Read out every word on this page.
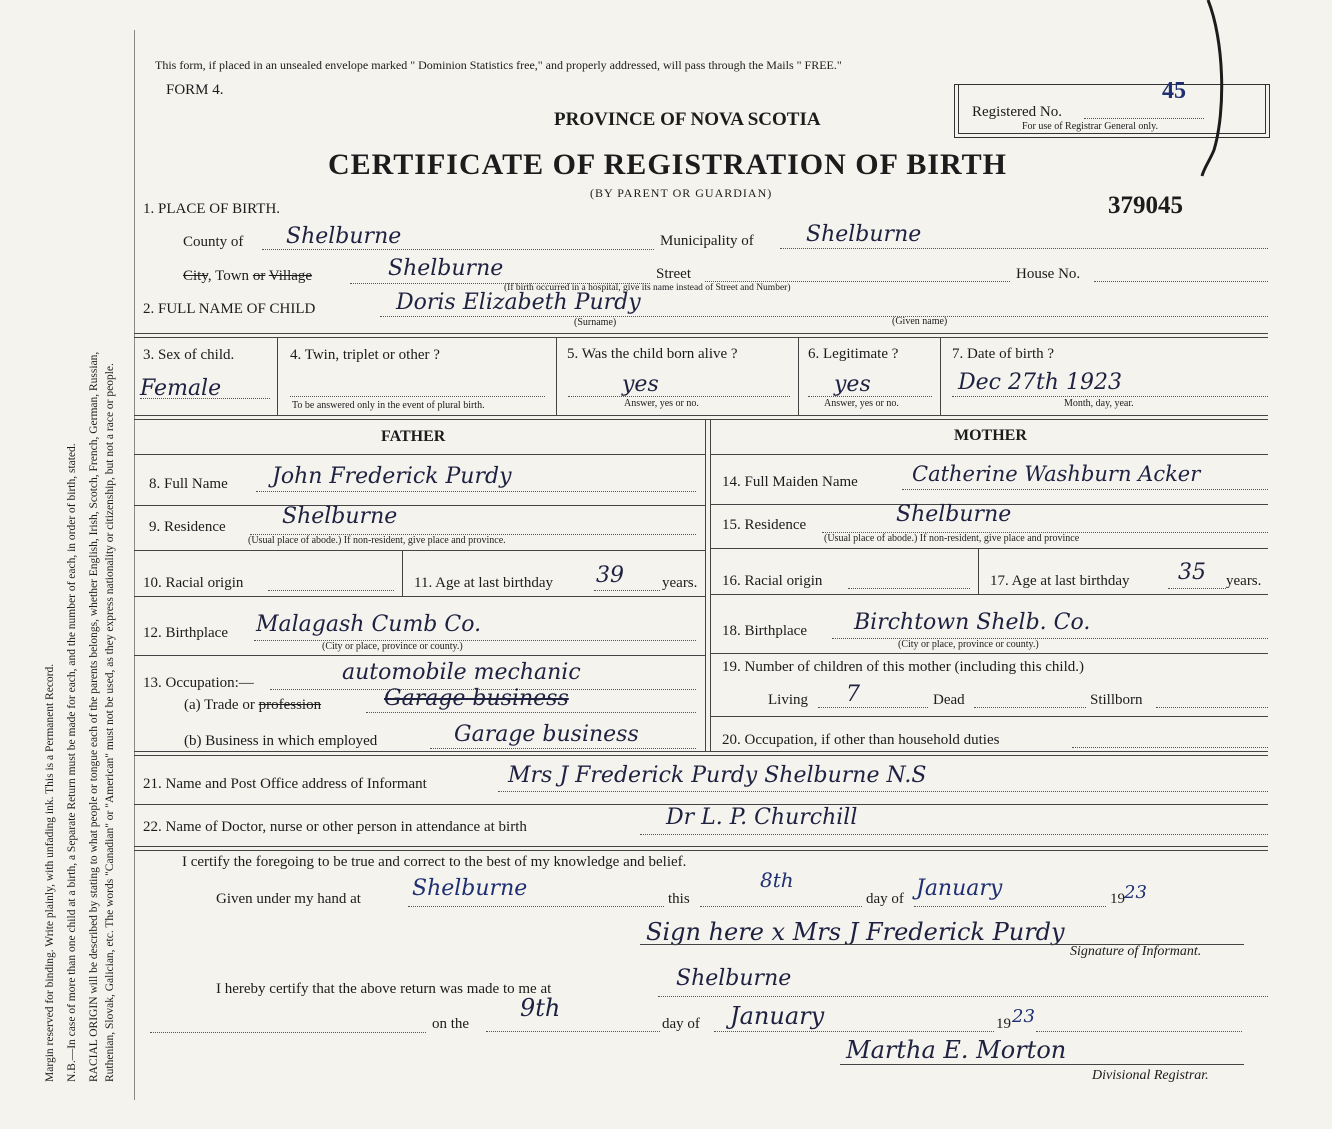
Margin reserved for binding. Write plainly, with unfading ink. This is a Permanent Record. N.B.—In case of more than one child at a birth, a Separate Return must be made for each, and the number of each, in order of birth, stated. RACIAL ORIGIN will be described by stating to what people or tongue each of the parents belongs, whether English, Irish, Scotch, French, German, Russian, Ruthenian, Slovak, Galician, etc. The words "Canadian" or "American" must not be used, as they express nationality or citizenship, but not a race or people.
This form, if placed in an unsealed envelope marked " Dominion Statistics free," and properly addressed, will pass through the Mails " FREE."
FORM 4.
Registered No.
45
For use of Registrar General only.
PROVINCE OF NOVA SCOTIA
CERTIFICATE OF REGISTRATION OF BIRTH
(BY PARENT OR GUARDIAN)	379045
1. PLACE OF BIRTH.
County of Shelburne	Municipality of Shelburne
City, Town or Village	Shelburne	Street	House No.
(If birth occurred in a hospital, give its name instead of Street and Number)
2. FULL NAME OF CHILD	Doris Elizabeth Purdy
(Surname)	(Given name)
3. Sex of child.
Female
4. Twin, triplet or other ?
To be answered only in the event of plural birth.
5. Was the child born alive ?
yes
Answer, yes or no.
6. Legitimate ?
yes
Answer, yes or no.
7. Date of birth ?
Dec 27th 1923
Month, day, year.
FATHER	MOTHER
8. Full Name John Frederick Purdy
9. Residence	Shelburne
(Usual place of abode.) If non-resident, give place and province.
10. Racial origin	11. Age at last birthday 39	years.
12. Birthplace Malagash Cumb Co.
(City or place, province or county.)
13. Occupation:—	automobile mechanic
(a) Trade or profession	Garage business
(b) Business in which employed	Garage business
14. Full Maiden Name	Catherine Washburn Acker
15. Residence	Shelburne
(Usual place of abode.) If non-resident, give place and province
16. Racial origin	17. Age at last birthday 35 years.
18. Birthplace Birchtown Shelb. Co.
(City or place, province or county.)
19. Number of children of this mother (including this child.)
Living 7	Dead	Stillborn
20. Occupation, if other than household duties
21. Name and Post Office address of Informant	Mrs J Frederick Purdy Shelburne N.S
22. Name of Doctor, nurse or other person in attendance at birth	Dr L. P. Churchill
I certify the foregoing to be true and correct to the best of my knowledge and belief.
Given under my hand at Shelburne	this
8th
day of January	19 23
Sign here x Mrs J Frederick Purdy
Signature of Informant.
I hereby certify that the above return was made to me at	Shelburne
on the
9th
day of January	19 23
Martha E. Morton
Divisional Registrar.
